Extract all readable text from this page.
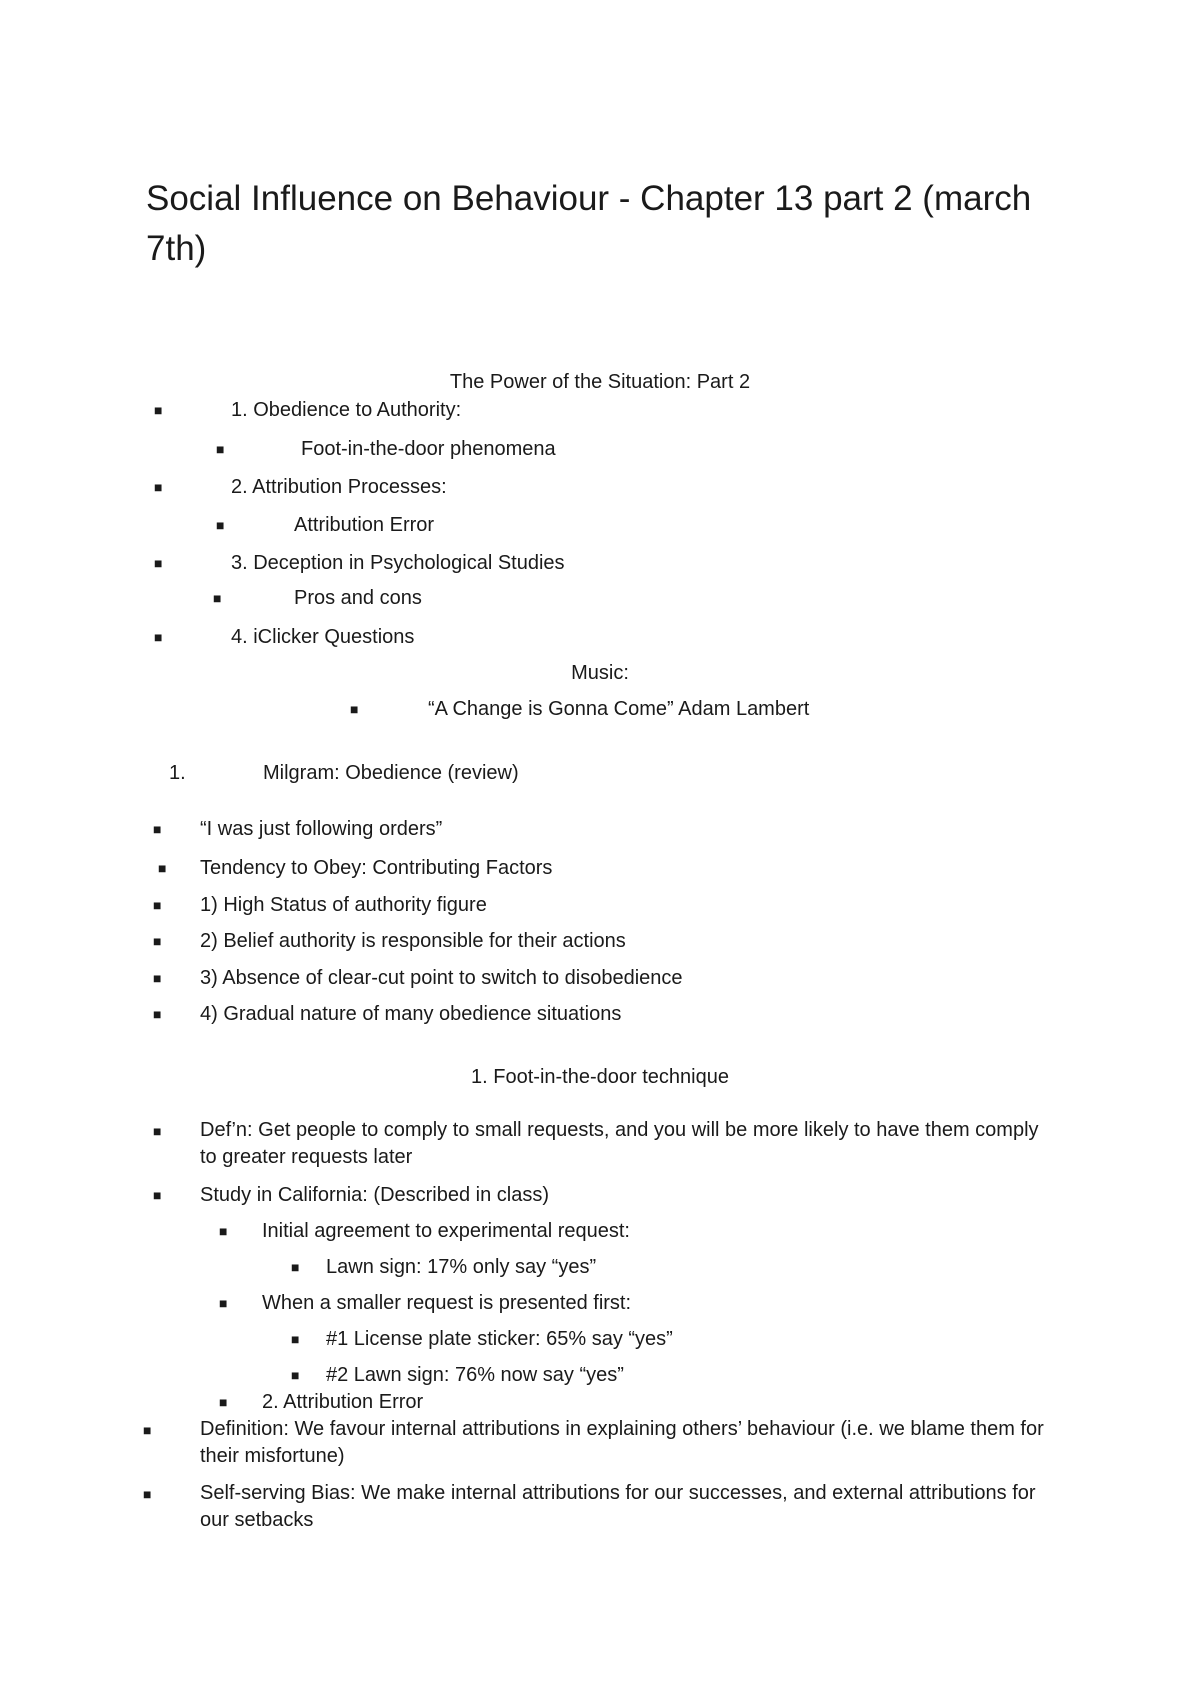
Social Influence on Behaviour - Chapter 13 part 2 (march 7th)
The Power of the Situation: Part 2
■	1. Obedience to Authority:
■	Foot-in-the-door phenomena
■	2. Attribution Processes:
■	Attribution Error
■	3. Deception in Psychological Studies
■	Pros and cons
■	4. iClicker Questions
Music:
■	“A Change is Gonna Come” Adam Lambert
1.	Milgram: Obedience (review)
■ “I was just following orders”
■ Tendency to Obey: Contributing Factors
■ 1) High Status of authority figure
■ 2) Belief authority is responsible for their actions
■ 3) Absence of clear-cut point to switch to disobedience
■ 4) Gradual nature of many obedience situations
1. Foot-in-the-door technique
■ Def’n: Get people to comply to small requests, and you will be more likely to have them comply to greater requests later
■ Study in California: (Described in class)
■ Initial agreement to experimental request:
■ Lawn sign: 17% only say “yes”
■ When a smaller request is presented first:
■ #1 License plate sticker: 65% say “yes”
■ #2 Lawn sign: 76% now say “yes”
■ 2. Attribution Error
■ Definition: We favour internal attributions in explaining others’ behaviour (i.e. we blame them for their misfortune)
■ Self-serving Bias: We make internal attributions for our successes, and external attributions for our setbacks
